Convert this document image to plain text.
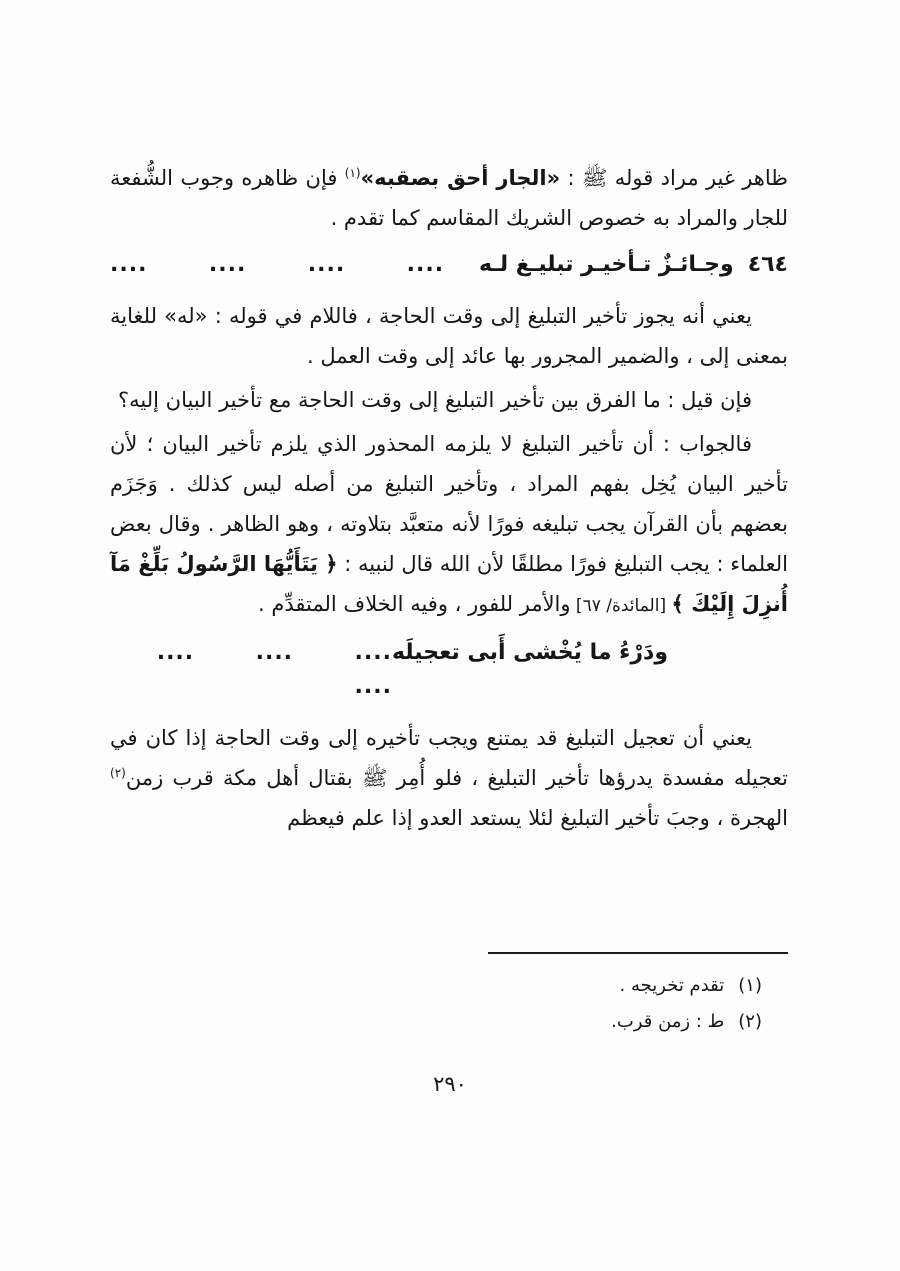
ظاهر غير مراد قوله ﷺ : «الجار أحق بصقبه»$^{(١)}$ فإن ظاهره وجوب الشُّفعة للجار والمراد به خصوص الشريك المقاسم كما تقدم .

٤٦٤وجـائـزٌ تـأخيـر تبليـغ لـه
.... .... .... ....

يعني أنه يجوز تأخير التبليغ إلى وقت الحاجة ، فاللام في قوله : «له» للغاية بمعنى إلى ، والضمير المجرور بها عائد إلى وقت العمل .

فإن قيل : ما الفرق بين تأخير التبليغ إلى وقت الحاجة مع تأخير البيان إليه؟

فالجواب : أن تأخير التبليغ لا يلزمه المحذور الذي يلزم تأخير البيان ؛ لأن تأخير البيان يُخِل بفهم المراد ، وتأخير التبليغ من أصله ليس كذلك . وَجَزَم بعضهم بأن القرآن يجب تبليغه فورًا لأنه متعبَّد بتلاوته ، وهو الظاهر . وقال بعض العلماء : يجب التبليغ فورًا مطلقًا لأن الله قال لنبيه : ﴿ يَتَأَيُّهَا الرَّسُولُ بَلِّغْ مَآ أُنزِلَ إِلَيْكَ ﴾ [المائدة/ ٦٧] والأمر للفور ، وفيه الخلاف المتقدِّم .

ودَرْءُ ما يُخْشى أَبى تعجيلَه
.... .... .... ....

يعني أن تعجيل التبليغ قد يمتنع ويجب تأخيره إلى وقت الحاجة إذا كان في تعجيله مفسدة يدرؤها تأخير التبليغ ، فلو أُمِر ﷺ بقتال أهل مكة قرب زمن$^{(٢)}$ الهجرة ، وجبَ تأخير التبليغ لئلا يستعد العدو إذا علم فيعظم

(١)
تقدم تخريجه .
(٢)
ط : زمن قرب.
٢٩٠
